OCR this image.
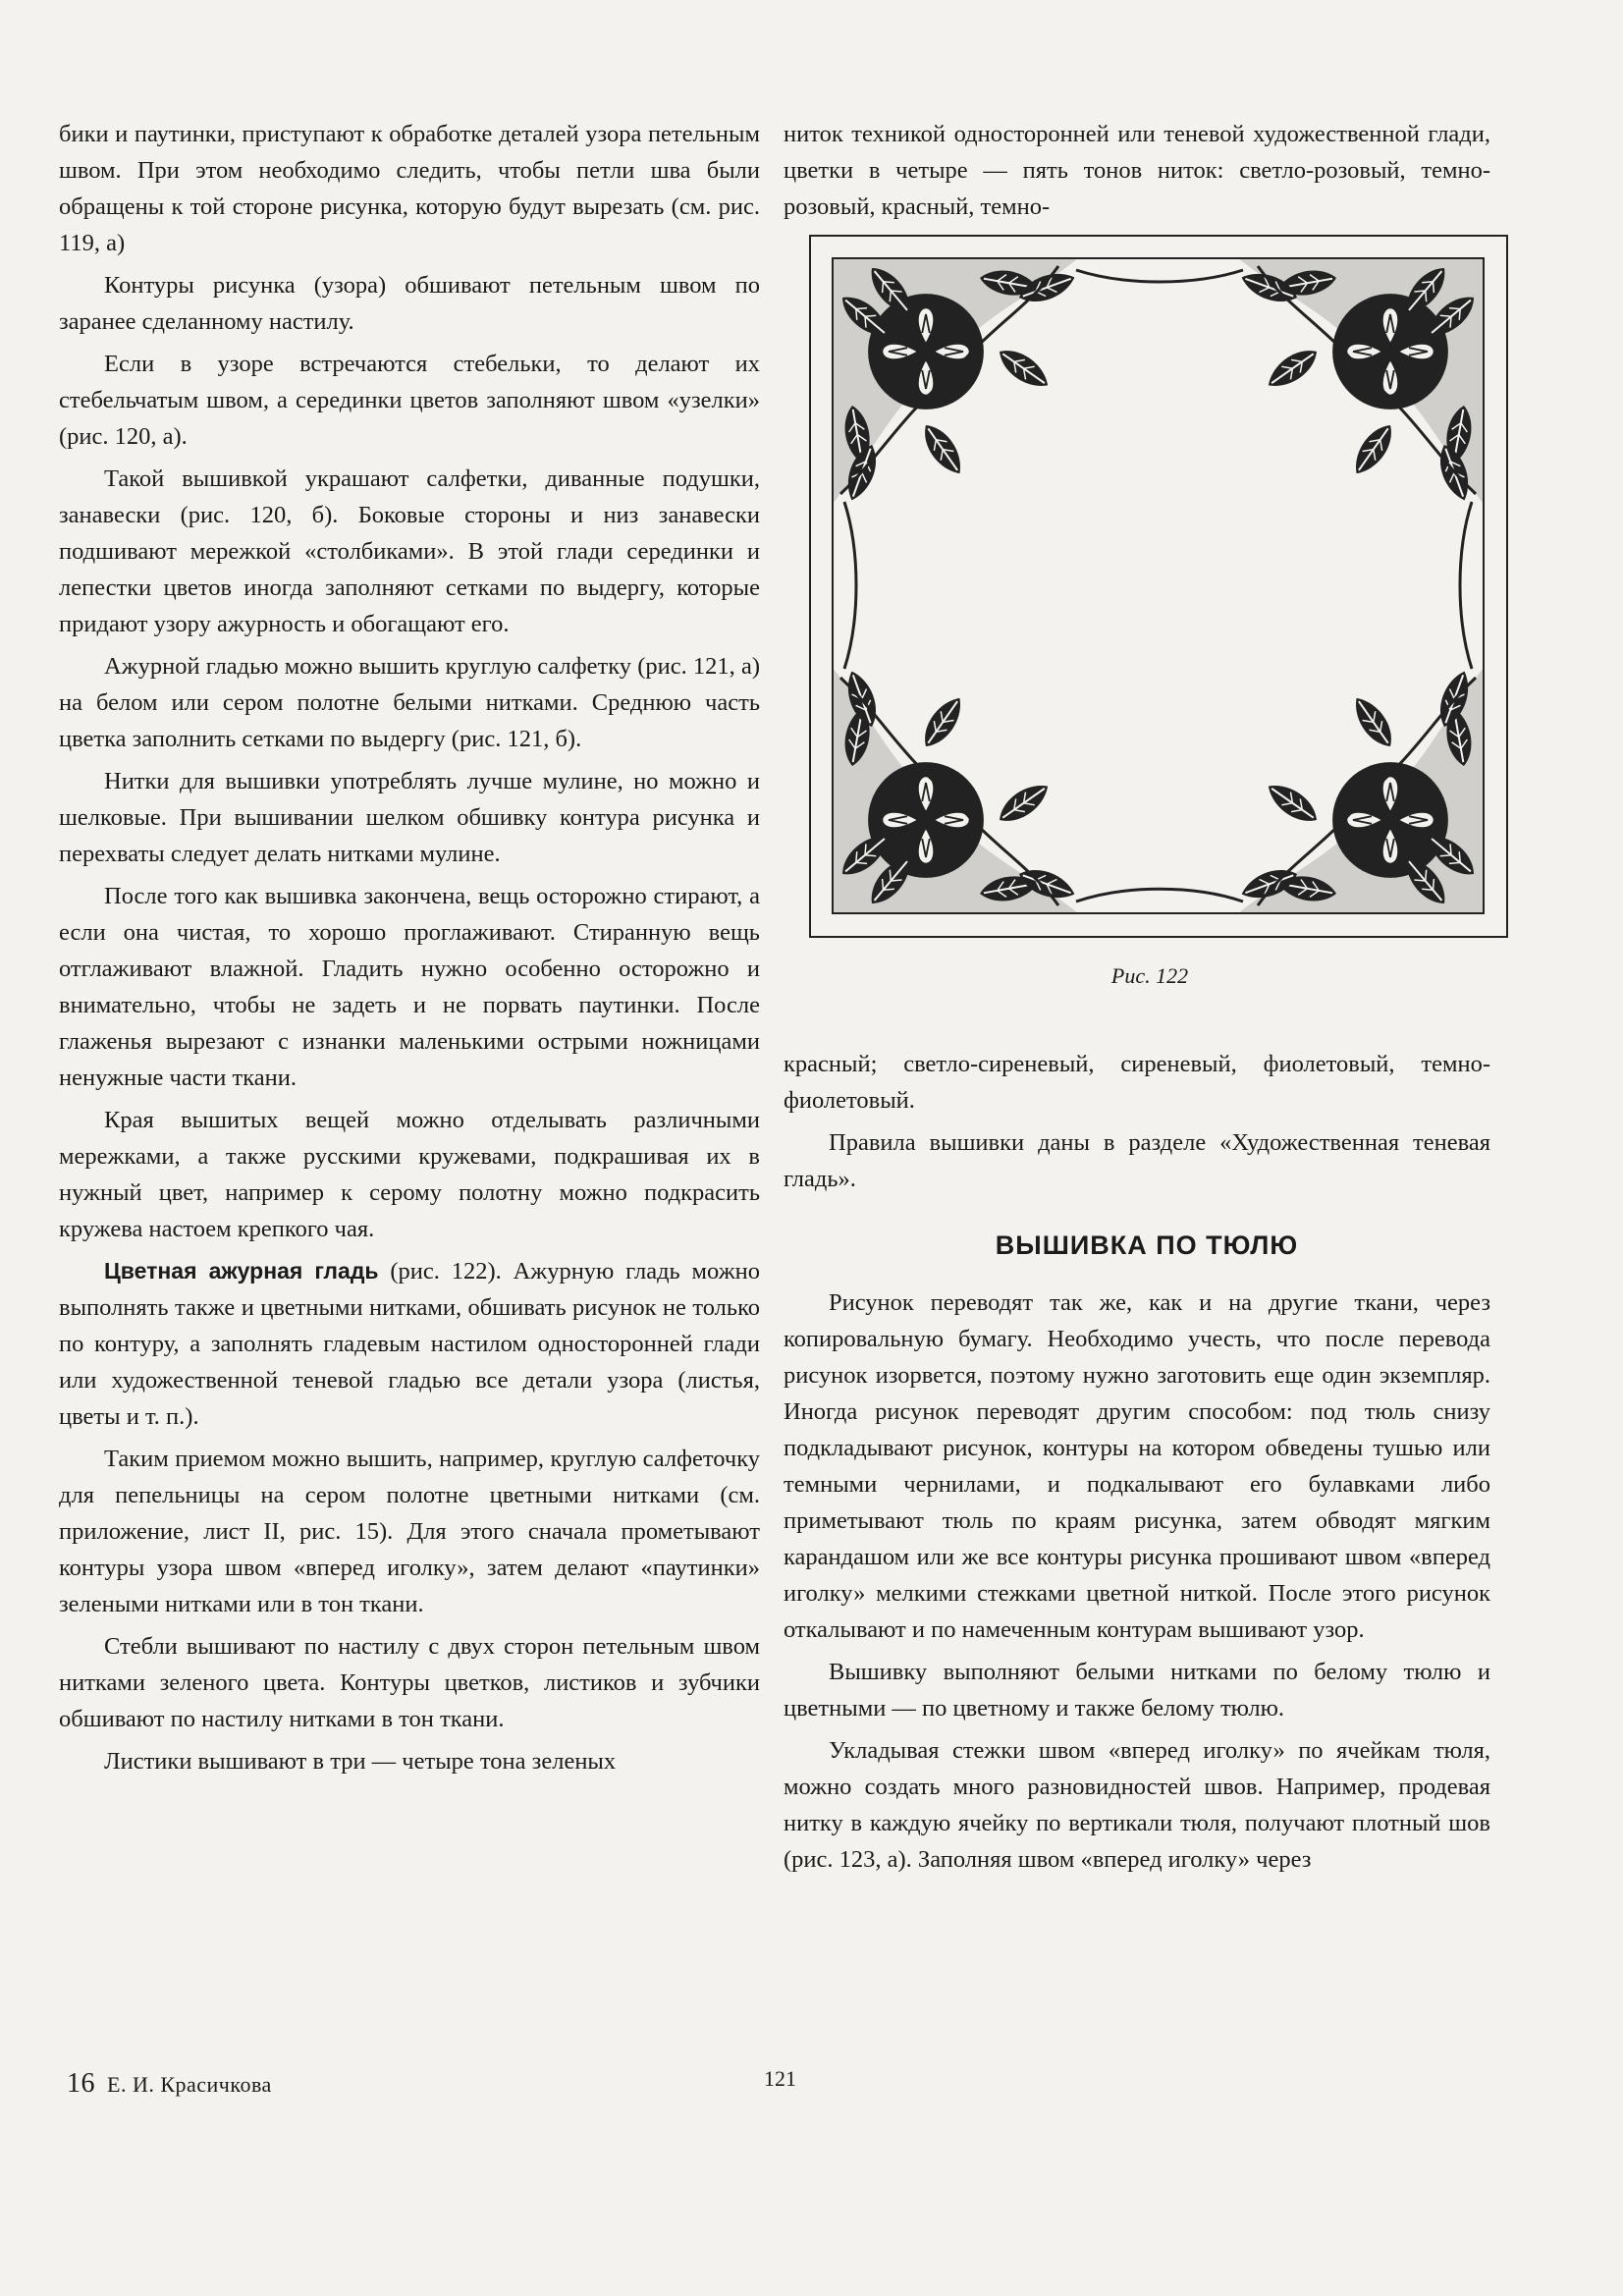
бики и паутинки, приступают к обработке деталей узора петельным швом. При этом необходимо следить, чтобы петли шва были обращены к той стороне рисунка, которую будут вырезать (см. рис. 119, а)

Контуры рисунка (узора) обшивают петельным швом по заранее сделанному настилу.

Если в узоре встречаются стебельки, то делают их стебельчатым швом, а серединки цветов заполняют швом «узелки» (рис. 120, а).

Такой вышивкой украшают салфетки, диванные подушки, занавески (рис. 120, б). Боковые стороны и низ занавески подшивают мережкой «столбиками». В этой глади серединки и лепестки цветов иногда заполняют сетками по выдергу, которые придают узору ажурность и обогащают его.

Ажурной гладью можно вышить круглую салфетку (рис. 121, а) на белом или сером полотне белыми нитками. Среднюю часть цветка заполнить сетками по выдергу (рис. 121, б).

Нитки для вышивки употреблять лучше мулине, но можно и шелковые. При вышивании шелком обшивку контура рисунка и перехваты следует делать нитками мулине.

После того как вышивка закончена, вещь осторожно стирают, а если она чистая, то хорошо проглаживают. Стиранную вещь отглаживают влажной. Гладить нужно особенно осторожно и внимательно, чтобы не задеть и не порвать паутинки. После глаженья вырезают с изнанки маленькими острыми ножницами ненужные части ткани.

Края вышитых вещей можно отделывать различными мережками, а также русскими кружевами, подкрашивая их в нужный цвет, например к серому полотну можно подкрасить кружева настоем крепкого чая.

Цветная ажурная гладь (рис. 122). Ажурную гладь можно выполнять также и цветными нитками, обшивать рисунок не только по контуру, а заполнять гладевым настилом односторонней глади или художественной теневой гладью все детали узора (листья, цветы и т. п.).

Таким приемом можно вышить, например, круглую салфеточку для пепельницы на сером полотне цветными нитками (см. приложение, лист II, рис. 15). Для этого сначала прометывают контуры узора швом «вперед иголку», затем делают «паутинки» зелеными нитками или в тон ткани.

Стебли вышивают по настилу с двух сторон петельным швом нитками зеленого цвета. Контуры цветков, листиков и зубчики обшивают по настилу нитками в тон ткани.

Листики вышивают в три — четыре тона зеленых

ниток техникой односторонней или теневой художественной глади, цветки в четыре — пять тонов ниток: светло-розовый, темно-розовый, красный, темно-

Рис. 122

красный; светло-сиреневый, сиреневый, фиолетовый, темно-фиолетовый.

Правила вышивки даны в разделе «Художественная теневая гладь».

ВЫШИВКА ПО ТЮЛЮ

Рисунок переводят так же, как и на другие ткани, через копировальную бумагу. Необходимо учесть, что после перевода рисунок изорвется, поэтому нужно заготовить еще один экземпляр. Иногда рисунок переводят другим способом: под тюль снизу подкладывают рисунок, контуры на котором обведены тушью или темными чернилами, и подкалывают его булавками либо приметывают тюль по краям рисунка, затем обводят мягким карандашом или же все контуры рисунка прошивают швом «вперед иголку» мелкими стежками цветной ниткой. После этого рисунок откалывают и по намеченным контурам вышивают узор.

Вышивку выполняют белыми нитками по белому тюлю и цветными — по цветному и также белому тюлю.

Укладывая стежки швом «вперед иголку» по ячейкам тюля, можно создать много разновидностей швов. Например, продевая нитку в каждую ячейку по вертикали тюля, получают плотный шов (рис. 123, а). Заполняя швом «вперед иголку» через

16 Е. И. Красичкова	121
